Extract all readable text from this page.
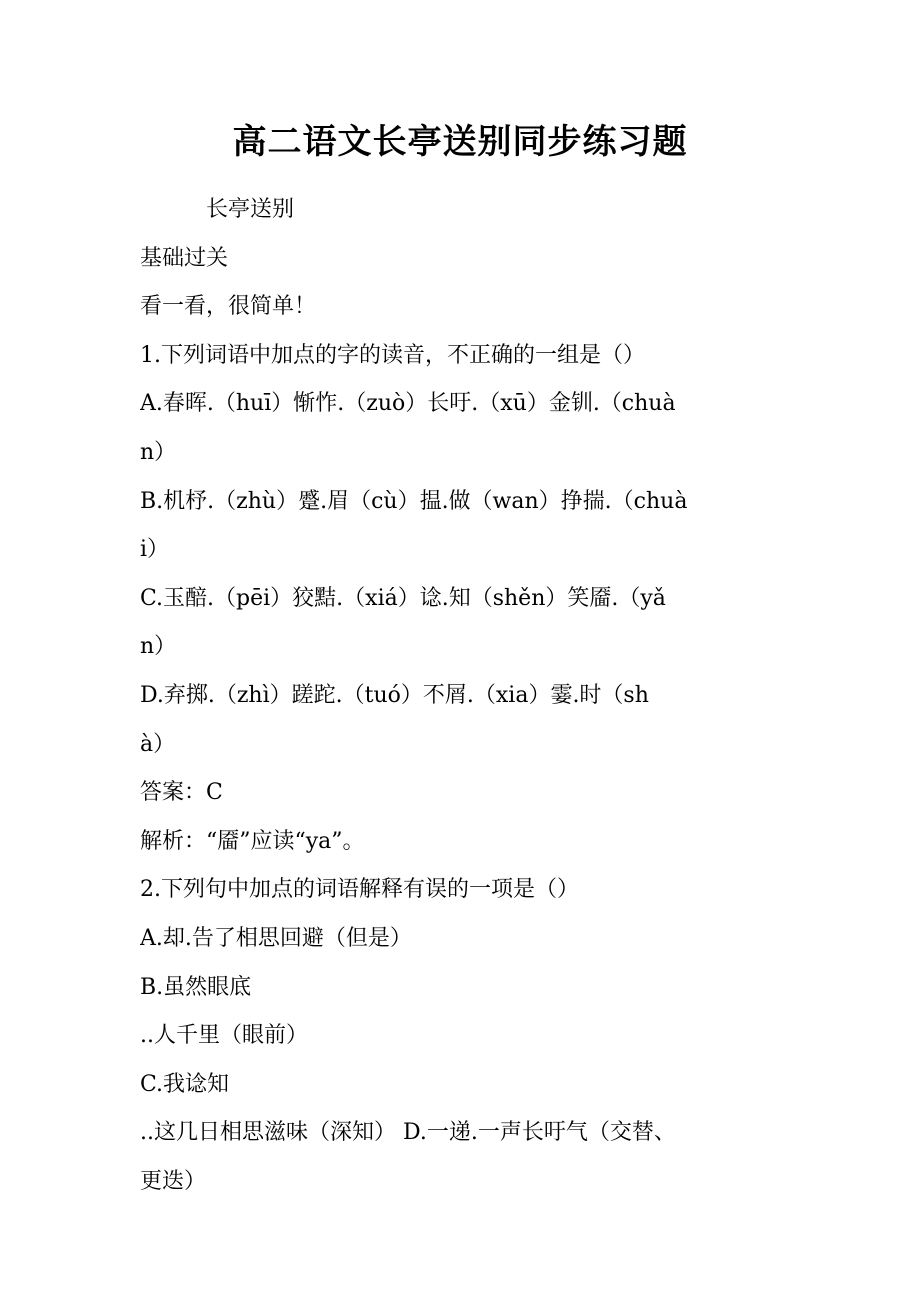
高二语文长亭送别同步练习题
长亭送别
基础过关
看一看，很简单！
1.下列词语中加点的字的读音，不正确的一组是（）
A.春晖.（huī）惭怍.（zuò）长吁.（xū）金钏.（chuà
n）
B.机杼.（zhù）蹙.眉（cù）揾.做（wan）挣揣.（chuà
i）
C.玉醅.（pēi）狡黠.（xiá）谂.知（shěn）笑靥.（yǎ
n）
D.弃掷.（zhì）蹉跎.（tuó）不屑.（xia）霎.时（sh
à）
答案：C
解析：“靥”应读“ya”。
2.下列句中加点的词语解释有误的一项是（）
A.却.告了相思回避（但是）
B.虽然眼底
..人千里（眼前）
C.我谂知
..这几日相思滋味（深知） D.一递.一声长吁气（交替、
更迭）
